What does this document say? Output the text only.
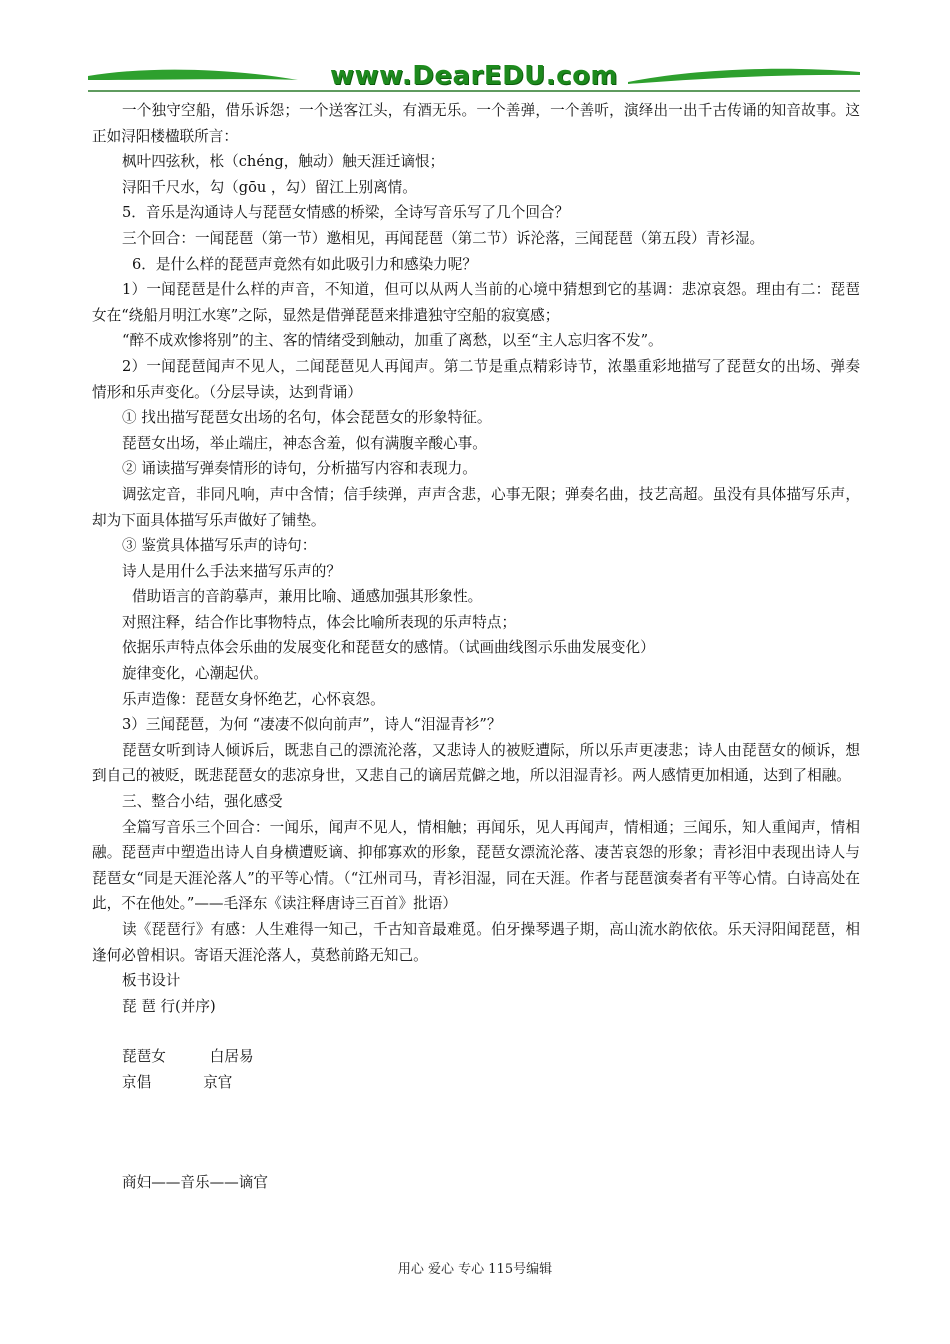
www.DearEDU.com

一个独守空船，借乐诉怨；一个送客江头，有酒无乐。一个善弹，一个善听，演绎出一出千古传诵的知音故事。这正如浔阳楼楹联所言：

枫叶四弦秋，枨（chéng，触动）触天涯迁谪恨；

浔阳千尺水，勾（gōu ，勾）留江上别离情。

5．音乐是沟通诗人与琵琶女情感的桥梁，全诗写音乐写了几个回合？

三个回合：一闻琵琶（第一节）邀相见，再闻琵琶（第二节）诉沦落，三闻琵琶（第五段）青衫湿。

6．是什么样的琵琶声竟然有如此吸引力和感染力呢？

1）一闻琵琶是什么样的声音，不知道，但可以从两人当前的心境中猜想到它的基调：悲凉哀怨。理由有二：琵琶女在“绕船月明江水寒”之际，显然是借弹琵琶来排遣独守空船的寂寞感；

“醉不成欢惨将别”的主、客的情绪受到触动，加重了离愁，以至“主人忘归客不发”。

2）一闻琵琶闻声不见人，二闻琵琶见人再闻声。第二节是重点精彩诗节，浓墨重彩地描写了琵琶女的出场、弹奏情形和乐声变化。（分层导读，达到背诵）

① 找出描写琵琶女出场的名句，体会琵琶女的形象特征。

琵琶女出场，举止端庄，神态含羞，似有满腹辛酸心事。

② 诵读描写弹奏情形的诗句，分析描写内容和表现力。

调弦定音，非同凡响，声中含情；信手续弹，声声含悲，心事无限；弹奏名曲，技艺高超。虽没有具体描写乐声，却为下面具体描写乐声做好了铺垫。

③ 鉴赏具体描写乐声的诗句：

诗人是用什么手法来描写乐声的？

借助语言的音韵摹声，兼用比喻、通感加强其形象性。

对照注释，结合作比事物特点，体会比喻所表现的乐声特点；

依据乐声特点体会乐曲的发展变化和琵琶女的感情。（试画曲线图示乐曲发展变化）

旋律变化，心潮起伏。

乐声造像：琵琶女身怀绝艺，心怀哀怨。

3）三闻琵琶，为何 “凄凄不似向前声”，诗人“泪湿青衫”？

琵琶女听到诗人倾诉后，既悲自己的漂流沦落，又悲诗人的被贬遭际，所以乐声更凄悲；诗人由琵琶女的倾诉，想到自己的被贬，既悲琵琶女的悲凉身世，又悲自己的谪居荒僻之地，所以泪湿青衫。两人感情更加相通，达到了相融。

三、整合小结，强化感受

全篇写音乐三个回合：一闻乐，闻声不见人，情相触；再闻乐，见人再闻声，情相通；三闻乐，知人重闻声，情相融。琵琶声中塑造出诗人自身横遭贬谪、抑郁寡欢的形象，琵琶女漂流沦落、凄苦哀怨的形象；青衫泪中表现出诗人与琵琶女“同是天涯沦落人”的平等心情。（“江州司马，青衫泪湿，同在天涯。作者与琵琶演奏者有平等心情。白诗高处在此，不在他处。”——毛泽东《读注释唐诗三百首》批语）

读《琵琶行》有感：人生难得一知己，千古知音最难觅。伯牙操琴遇子期，高山流水韵依依。乐天浔阳闻琵琶，相逢何必曾相识。寄语天涯沦落人，莫愁前路无知己。

板书设计

琵 琶 行(并序)

琵琶女	白居易
京倡	京官
商妇——音乐——谪官
用心 爱心 专心 115号编辑
